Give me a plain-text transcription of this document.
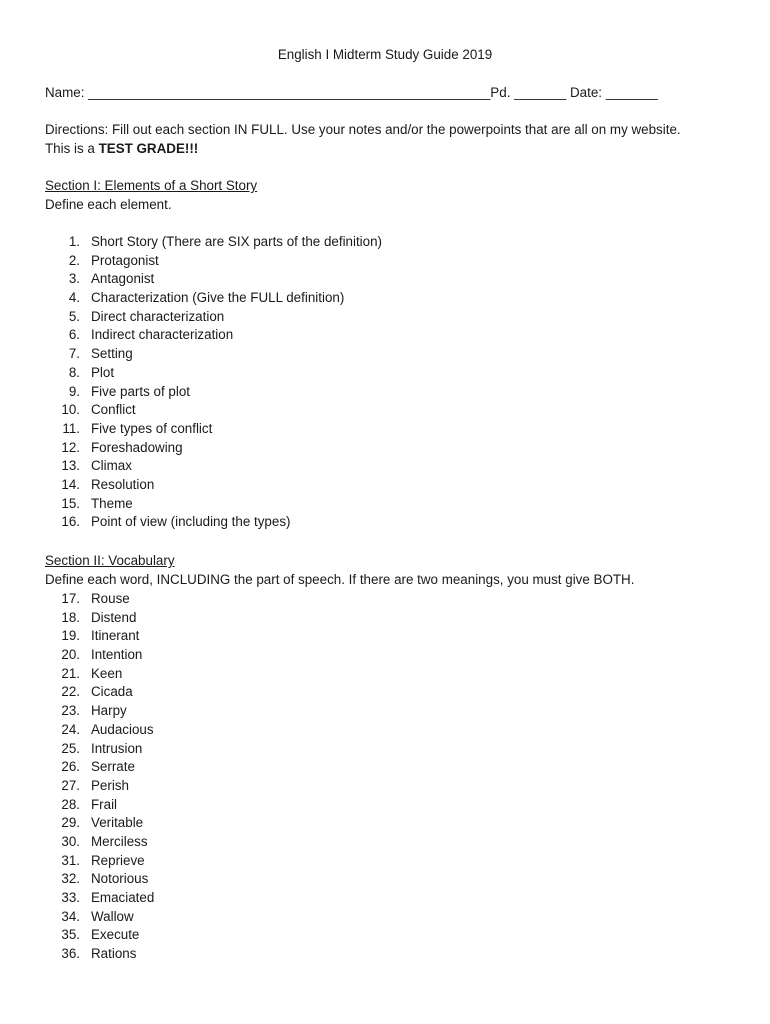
English I Midterm Study Guide 2019
Name: ______________________________________________________Pd. _______ Date: _______
Directions: Fill out each section IN FULL. Use your notes and/or the powerpoints that are all on my website.
This is a TEST GRADE!!!
Section I: Elements of a Short Story
Define each element.
1. Short Story (There are SIX parts of the definition)
2. Protagonist
3. Antagonist
4. Characterization (Give the FULL definition)
5. Direct characterization
6. Indirect characterization
7. Setting
8. Plot
9. Five parts of plot
10. Conflict
11. Five types of conflict
12. Foreshadowing
13. Climax
14. Resolution
15. Theme
16. Point of view (including the types)
Section II: Vocabulary
Define each word, INCLUDING the part of speech. If there are two meanings, you must give BOTH.
17. Rouse
18. Distend
19. Itinerant
20. Intention
21. Keen
22. Cicada
23. Harpy
24. Audacious
25. Intrusion
26. Serrate
27. Perish
28. Frail
29. Veritable
30. Merciless
31. Reprieve
32. Notorious
33. Emaciated
34. Wallow
35. Execute
36. Rations
